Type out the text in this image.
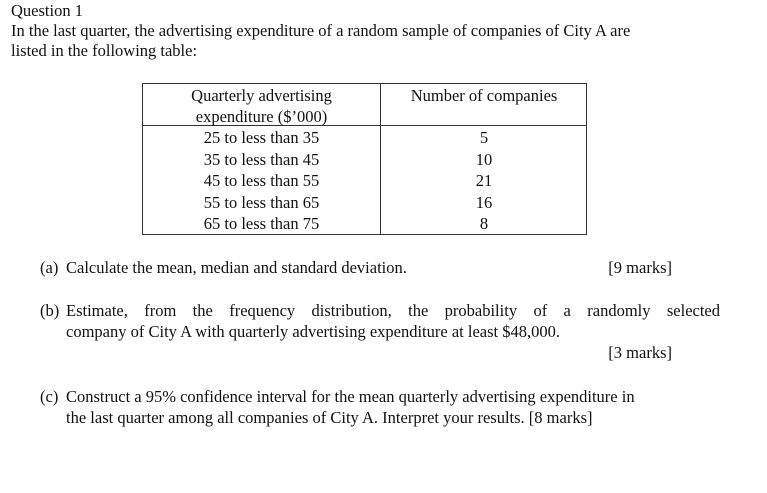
Question 1
In the last quarter, the advertising expenditure of a random sample of companies of City A are
listed in the following table:
Quarterly advertising
expenditure ($’000)
Number of companies
25 to less than 35
35 to less than 45
45 to less than 55
55 to less than 65
65 to less than 75
5
10
21
16
8
(a) Calculate the mean, median and standard deviation.	[9 marks]
(b) Estimate, from the frequency distribution, the probability of a randomly selected
company of City A with quarterly advertising expenditure at least $48,000.
[3 marks]
(c) Construct a 95% confidence interval for the mean quarterly advertising expenditure in
the last quarter among all companies of City A. Interpret your results. [8 marks]
